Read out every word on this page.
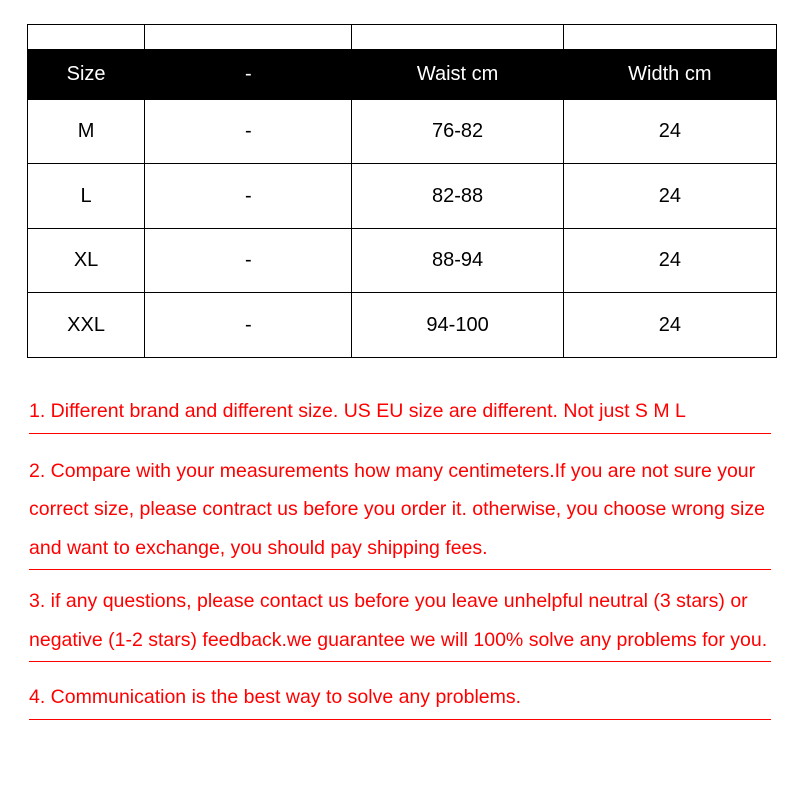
Size	-	Waist cm	Width cm
M	-	76-82	24
L	-	82-88	24
XL	-	88-94	24
XXL	-	94-100	24
1. Different brand and different size. US EU size are different. Not just S M L
2. Compare with your measurements how many centimeters.If you are not sure your correct size, please contract us before you order it. otherwise, you choose wrong size and want to exchange, you should pay shipping fees.
3. if any questions, please contact us before you leave unhelpful neutral (3 stars) or negative (1-2 stars) feedback.we guarantee we will 100% solve any problems for you.
4. Communication is the best way to solve any problems.
